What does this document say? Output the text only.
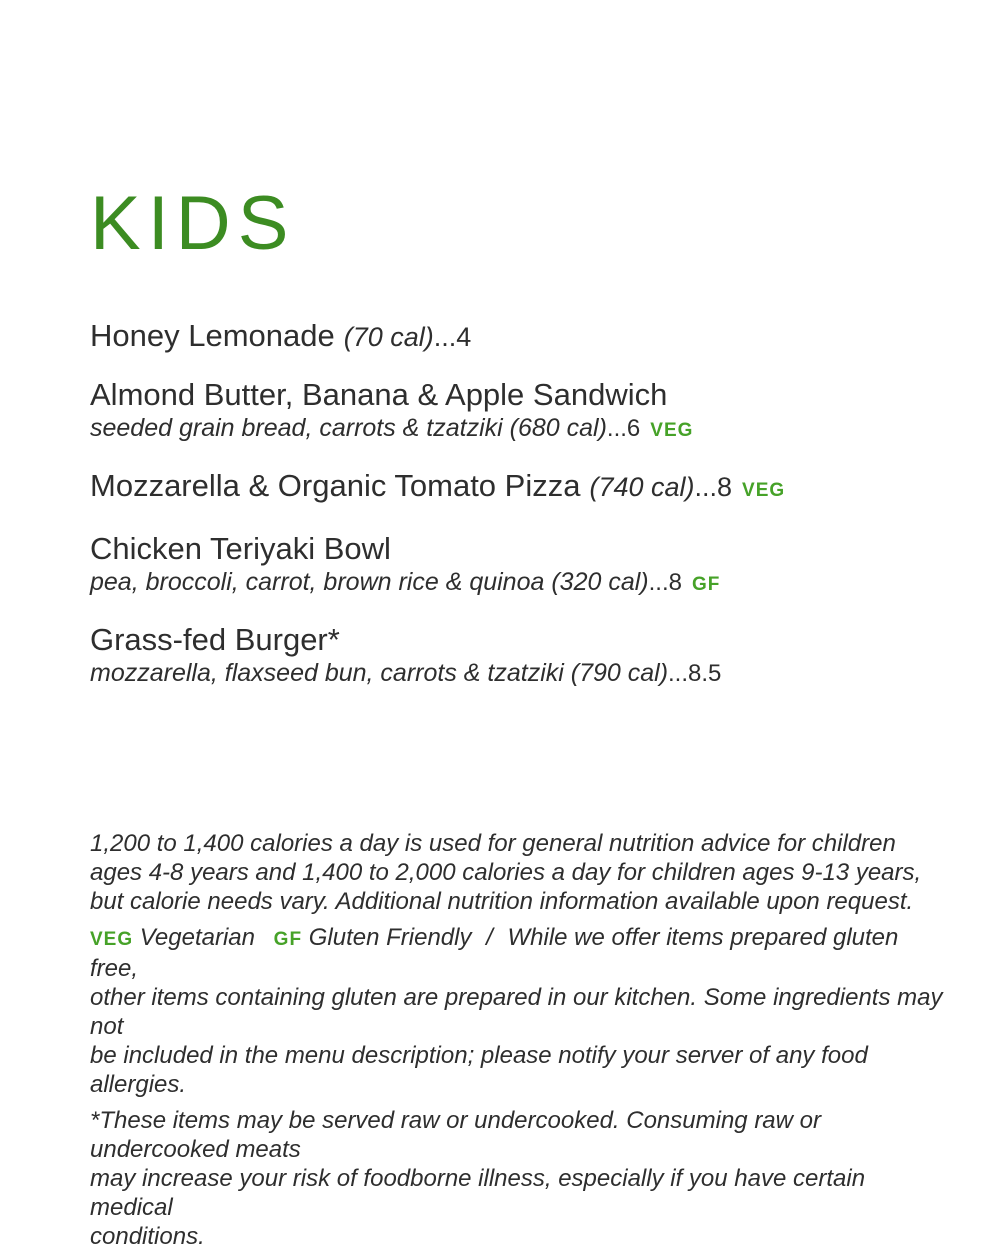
KIDS
Honey Lemonade (70 cal)...4
Almond Butter, Banana & Apple Sandwich
seeded grain bread, carrots & tzatziki (680 cal)...6 VEG
Mozzarella & Organic Tomato Pizza (740 cal)...8 VEG
Chicken Teriyaki Bowl
pea, broccoli, carrot, brown rice & quinoa (320 cal)...8 GF
Grass-fed Burger*
mozzarella, flaxseed bun, carrots & tzatziki (790 cal)...8.5

1,200 to 1,400 calories a day is used for general nutrition advice for children
ages 4-8 years and 1,400 to 2,000 calories a day for children ages 9-13 years,
but calorie needs vary. Additional nutrition information available upon request.

VEG Vegetarian GF Gluten Friendly / While we offer items prepared gluten free,
other items containing gluten are prepared in our kitchen. Some ingredients may not
be included in the menu description; please notify your server of any food allergies.

*These items may be served raw or undercooked. Consuming raw or undercooked meats
may increase your risk of foodborne illness, especially if you have certain medical
conditions.
